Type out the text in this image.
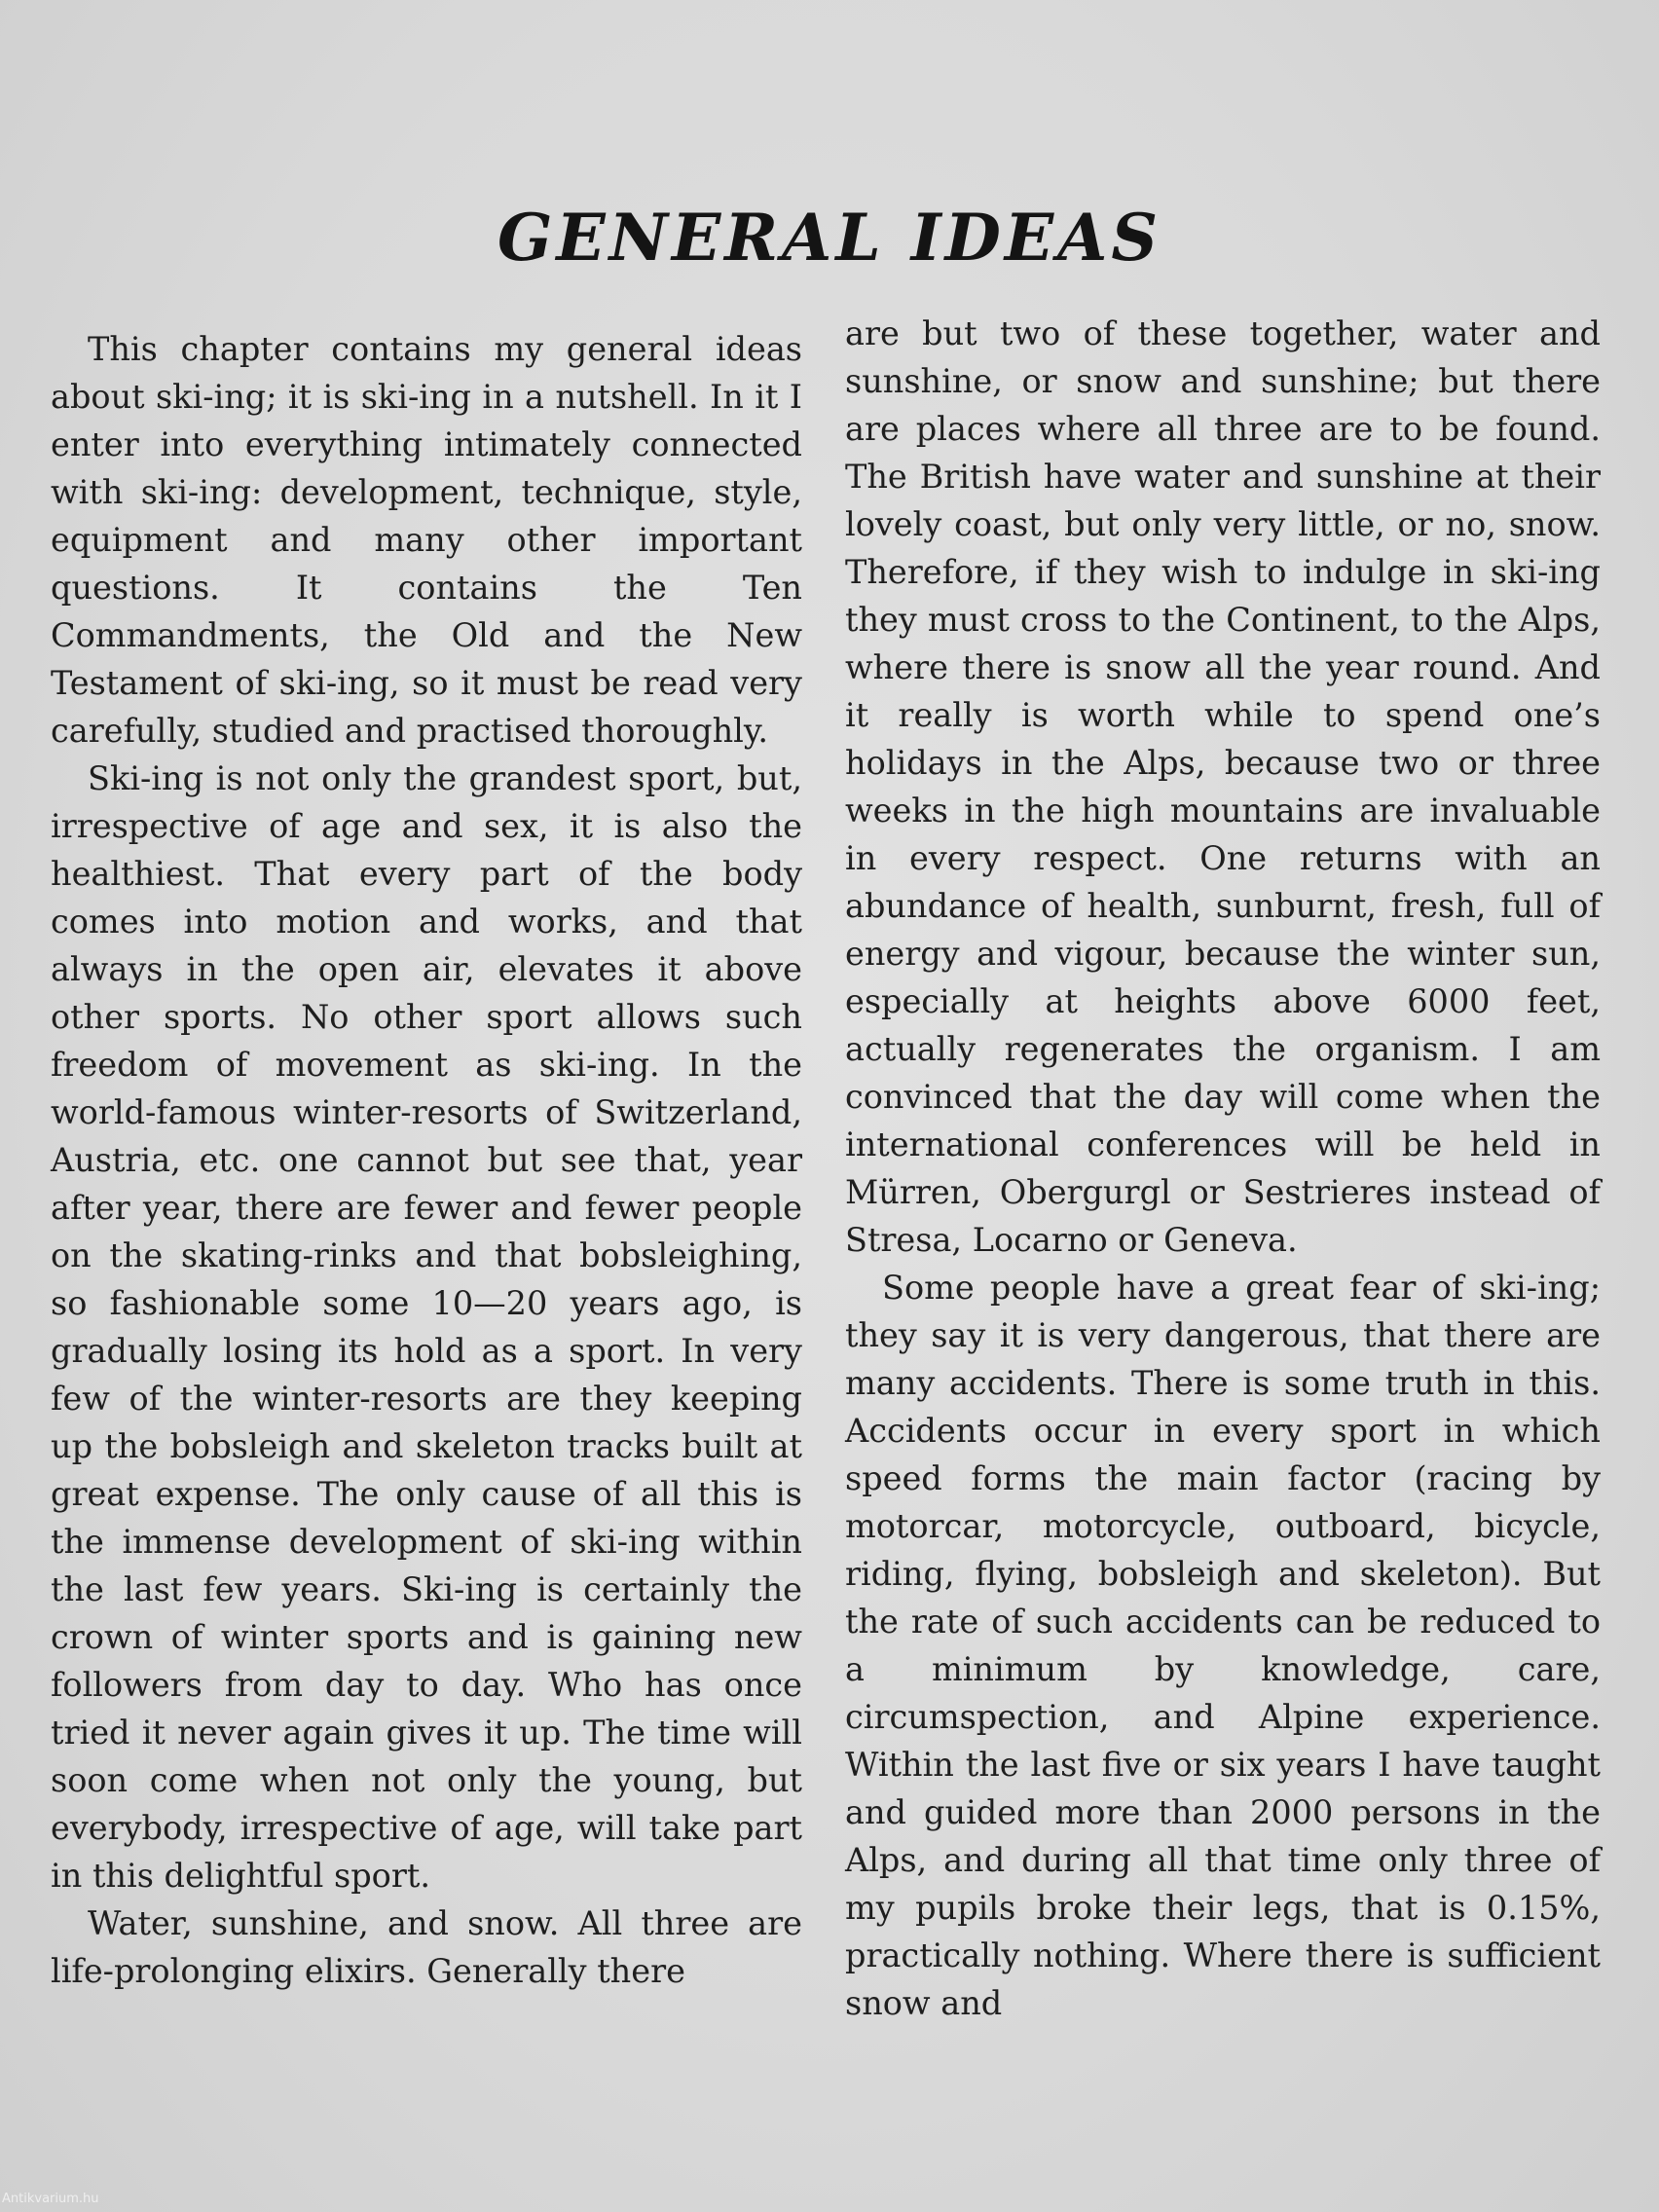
GENERAL IDEAS

This chapter contains my general ideas about ski-ing; it is ski-ing in a nutshell. In it I enter into everything intimately connected with ski-ing: development, technique, style, equipment and many other important questions. It contains the Ten Commandments, the Old and the New Testament of ski-ing, so it must be read very carefully, studied and practised thoroughly.

Ski-ing is not only the grandest sport, but, irrespective of age and sex, it is also the healthiest. That every part of the body comes into motion and works, and that always in the open air, elevates it above other sports. No other sport allows such freedom of movement as ski-ing. In the world-famous winter-resorts of Switzerland, Austria, etc. one cannot but see that, year after year, there are fewer and fewer people on the skating-rinks and that bobsleighing, so fashionable some 10—20 years ago, is gradually losing its hold as a sport. In very few of the winter-resorts are they keeping up the bobsleigh and skeleton tracks built at great expense. The only cause of all this is the immense development of ski-ing within the last few years. Ski-ing is certainly the crown of winter sports and is gaining new followers from day to day. Who has once tried it never again gives it up. The time will soon come when not only the young, but everybody, irrespective of age, will take part in this delightful sport.

Water, sunshine, and snow. All three are life-prolonging elixirs. Generally there

are but two of these together, water and sunshine, or snow and sunshine; but there are places where all three are to be found. The British have water and sunshine at their lovely coast, but only very little, or no, snow. Therefore, if they wish to indulge in ski-ing they must cross to the Continent, to the Alps, where there is snow all the year round. And it really is worth while to spend one’s holidays in the Alps, because two or three weeks in the high mountains are invaluable in every respect. One returns with an abundance of health, sunburnt, fresh, full of energy and vigour, because the winter sun, especially at heights above 6000 feet, actually regenerates the organism. I am convinced that the day will come when the international conferences will be held in Mürren, Obergurgl or Sestrieres instead of Stresa, Locarno or Geneva.

Some people have a great fear of ski-ing; they say it is very dangerous, that there are many accidents. There is some truth in this. Accidents occur in every sport in which speed forms the main factor (racing by motorcar, motorcycle, outboard, bicycle, riding, flying, bobsleigh and skeleton). But the rate of such accidents can be reduced to a minimum by knowledge, care, circumspection, and Alpine experience. Within the last five or six years I have taught and guided more than 2000 persons in the Alps, and during all that time only three of my pupils broke their legs, that is 0.15%, practically nothing. Where there is sufficient snow and

Antikvarium.hu
